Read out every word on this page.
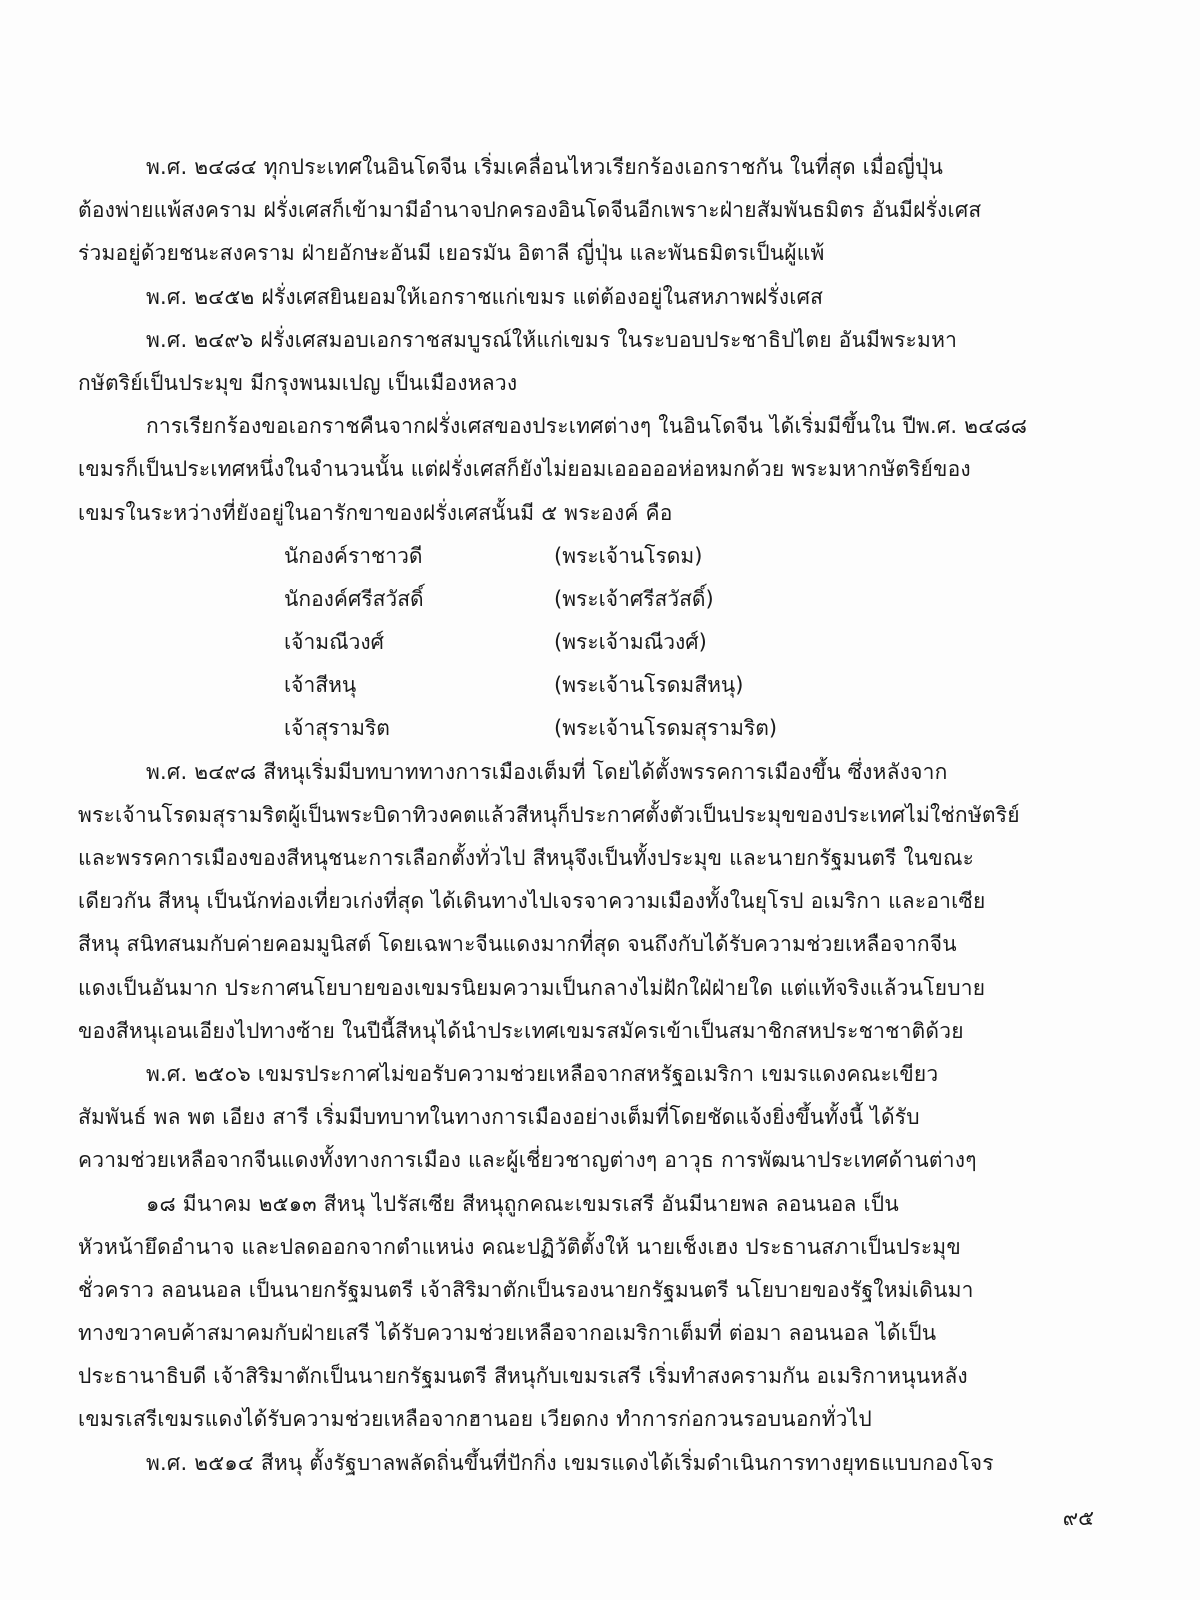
พ.ศ. ๒๔๘๔ ทุกประเทศในอินโดจีน เริ่มเคลื่อนไหวเรียกร้องเอกราชกัน ในที่สุด เมื่อญี่ปุ่น
ต้องพ่ายแพ้สงคราม ฝรั่งเศสก็เข้ามามีอำนาจปกครองอินโดจีนอีกเพราะฝ่ายสัมพันธมิตร อันมีฝรั่งเศส
ร่วมอยู่ด้วยชนะสงคราม ฝ่ายอักษะอันมี เยอรมัน อิตาลี ญี่ปุ่น และพันธมิตรเป็นผู้แพ้
พ.ศ. ๒๔๕๒ ฝรั่งเศสยินยอมให้เอกราชแก่เขมร แต่ต้องอยู่ในสหภาพฝรั่งเศส
พ.ศ. ๒๔๙๖ ฝรั่งเศสมอบเอกราชสมบูรณ์ให้แก่เขมร ในระบอบประชาธิปไตย อันมีพระมหา
กษัตริย์เป็นประมุข มีกรุงพนมเปญ เป็นเมืองหลวง
การเรียกร้องขอเอกราชคืนจากฝรั่งเศสของประเทศต่างๆ ในอินโดจีน ได้เริ่มมีขึ้นใน ปีพ.ศ. ๒๔๘๘
เขมรก็เป็นประเทศหนึ่งในจำนวนนั้น แต่ฝรั่งเศสก็ยังไม่ยอมเอออออห่อหมกด้วย พระมหากษัตริย์ของ
เขมรในระหว่างที่ยังอยู่ในอารักขาของฝรั่งเศสนั้นมี ๕ พระองค์ คือ
นักองค์ราชาวดี	(พระเจ้านโรดม)
นักองค์ศรีสวัสดิ์	(พระเจ้าศรีสวัสดิ์)
เจ้ามณีวงศ์	(พระเจ้ามณีวงศ์)
เจ้าสีหนุ	(พระเจ้านโรดมสีหนุ)
เจ้าสุรามริต	(พระเจ้านโรดมสุรามริต)
พ.ศ. ๒๔๙๘ สีหนุเริ่มมีบทบาททางการเมืองเต็มที่ โดยได้ตั้งพรรคการเมืองขึ้น ซึ่งหลังจาก
พระเจ้านโรดมสุรามริตผู้เป็นพระบิดาทิวงคตแล้วสีหนุก็ประกาศตั้งตัวเป็นประมุขของประเทศไม่ใช่กษัตริย์
และพรรคการเมืองของสีหนุชนะการเลือกตั้งทั่วไป สีหนุจึงเป็นทั้งประมุข และนายกรัฐมนตรี ในขณะ
เดียวกัน สีหนุ เป็นนักท่องเที่ยวเก่งที่สุด ได้เดินทางไปเจรจาความเมืองทั้งในยุโรป อเมริกา และอาเซีย
สีหนุ สนิทสนมกับค่ายคอมมูนิสต์ โดยเฉพาะจีนแดงมากที่สุด จนถึงกับได้รับความช่วยเหลือจากจีน
แดงเป็นอันมาก ประกาศนโยบายของเขมรนิยมความเป็นกลางไม่ฝักใฝ่ฝ่ายใด แต่แท้จริงแล้วนโยบาย
ของสีหนุเอนเอียงไปทางซ้าย ในปีนี้สีหนุได้นำประเทศเขมรสมัครเข้าเป็นสมาชิกสหประชาชาติด้วย
พ.ศ. ๒๕๐๖ เขมรประกาศไม่ขอรับความช่วยเหลือจากสหรัฐอเมริกา เขมรแดงคณะเขียว
สัมพันธ์ พล พต เอียง สารี เริ่มมีบทบาทในทางการเมืองอย่างเต็มที่โดยชัดแจ้งยิ่งขึ้นทั้งนี้ ได้รับ
ความช่วยเหลือจากจีนแดงทั้งทางการเมือง และผู้เชี่ยวชาญต่างๆ อาวุธ การพัฒนาประเทศด้านต่างๆ
๑๘ มีนาคม ๒๕๑๓ สีหนุ ไปรัสเซีย สีหนุถูกคณะเขมรเสรี อันมีนายพล ลอนนอล เป็น
หัวหน้ายึดอำนาจ และปลดออกจากตำแหน่ง คณะปฏิวัติตั้งให้ นายเช็งเฮง ประธานสภาเป็นประมุข
ชั่วคราว ลอนนอล เป็นนายกรัฐมนตรี เจ้าสิริมาตักเป็นรองนายกรัฐมนตรี นโยบายของรัฐใหม่เดินมา
ทางขวาคบค้าสมาคมกับฝ่ายเสรี ได้รับความช่วยเหลือจากอเมริกาเต็มที่ ต่อมา ลอนนอล ได้เป็น
ประธานาธิบดี เจ้าสิริมาตักเป็นนายกรัฐมนตรี สีหนุกับเขมรเสรี เริ่มทำสงครามกัน อเมริกาหนุนหลัง
เขมรเสรีเขมรแดงได้รับความช่วยเหลือจากฮานอย เวียดกง ทำการก่อกวนรอบนอกทั่วไป
พ.ศ. ๒๕๑๔ สีหนุ ตั้งรัฐบาลพลัดถิ่นขึ้นที่ปักกิ่ง เขมรแดงได้เริ่มดำเนินการทางยุทธแบบกองโจร
๙๕
